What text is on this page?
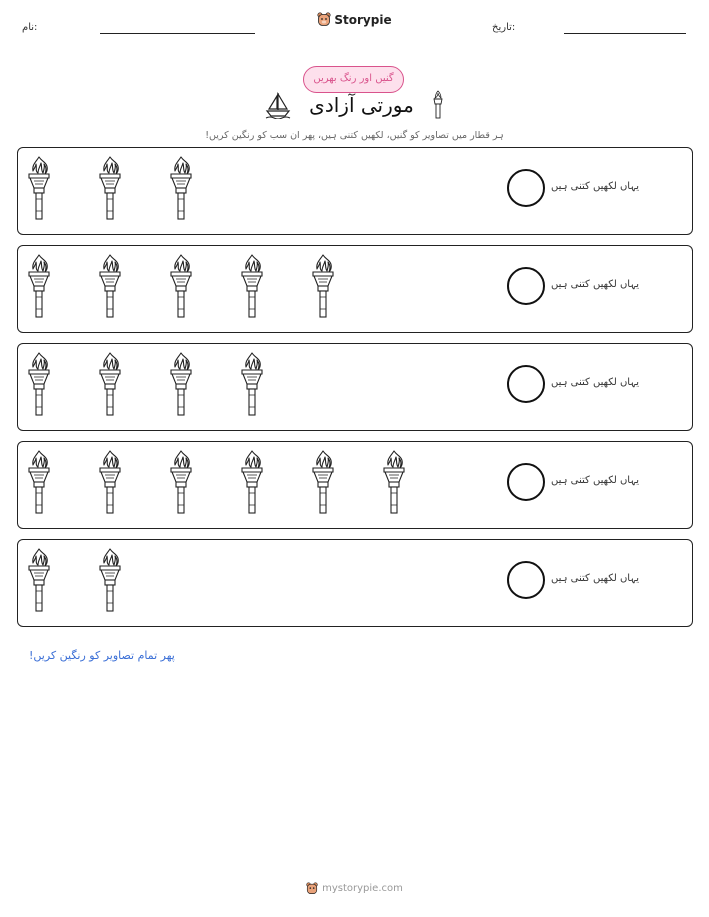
نام:
Storypie
تاریخ:
گنیں اور رنگ بھریں
مورتی آزادی
ہر قطار میں تصاویر کو گنیں، لکھیں کتنی ہیں، پھر ان سب کو رنگین کریں!
یہاں لکھیں کتنی ہیں
یہاں لکھیں کتنی ہیں
یہاں لکھیں کتنی ہیں
یہاں لکھیں کتنی ہیں
یہاں لکھیں کتنی ہیں
پھر تمام تصاویر کو رنگین کریں!
mystorypie.com
